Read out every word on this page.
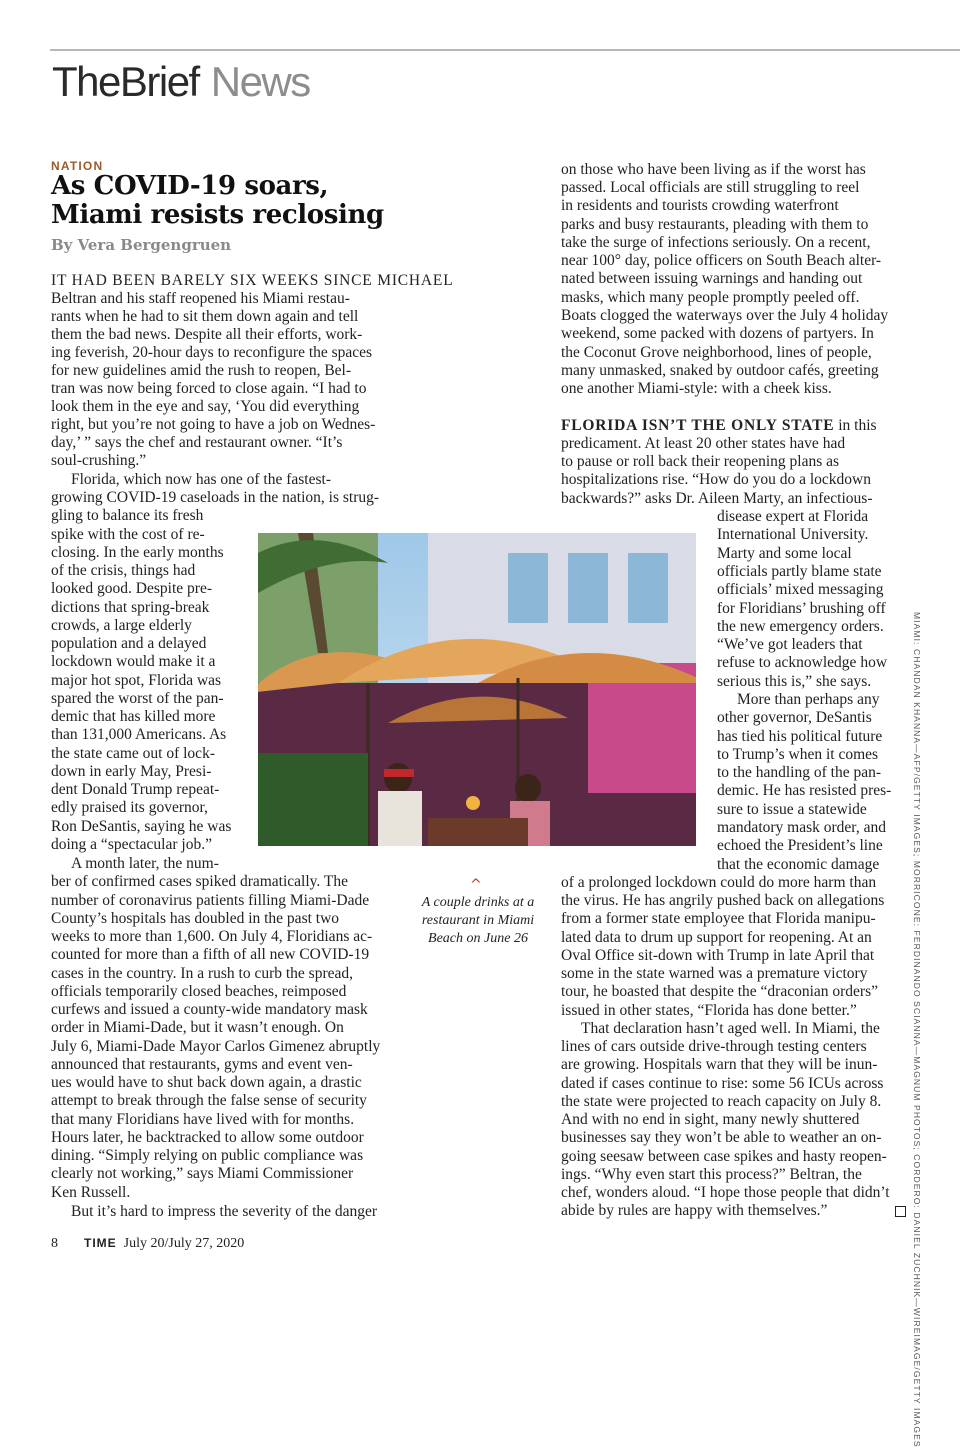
TheBrief News
NATION
As COVID-19 soars, Miami resists reclosing
By Vera Bergengruen
IT HAD BEEN BARELY SIX WEEKS SINCE MICHAEL
Beltran and his staff reopened his Miami restau-
rants when he had to sit them down again and tell
them the bad news. Despite all their efforts, work-
ing feverish, 20-hour days to reconfigure the spaces
for new guidelines amid the rush to reopen, Bel-
tran was now being forced to close again. “I had to
look them in the eye and say, ‘You did everything
right, but you’re not going to have a job on Wednes-
day,’ ” says the chef and restaurant owner. “It’s
soul-crushing.”
Florida, which now has one of the fastest-
growing COVID-19 caseloads in the nation, is strug-
gling to balance its fresh
spike with the cost of re-
closing. In the early months
of the crisis, things had
looked good. Despite pre-
dictions that spring-break
crowds, a large elderly
population and a delayed
lockdown would make it a
major hot spot, Florida was
spared the worst of the pan-
demic that has killed more
than 131,000 Americans. As
the state came out of lock-
down in early May, Presi-
dent Donald Trump repeat-
edly praised its governor,
Ron DeSantis, saying he was
doing a “spectacular job.”
A month later, the num-
ber of confirmed cases spiked dramatically. The
number of coronavirus patients filling Miami-Dade
County’s hospitals has doubled in the past two
weeks to more than 1,600. On July 4, Floridians ac-
counted for more than a fifth of all new COVID-19
cases in the country. In a rush to curb the spread,
officials temporarily closed beaches, reimposed
curfews and issued a county-wide mandatory mask
order in Miami-Dade, but it wasn’t enough. On
July 6, Miami-Dade Mayor Carlos Gimenez abruptly
announced that restaurants, gyms and event ven-
ues would have to shut back down again, a drastic
attempt to break through the false sense of security
that many Floridians have lived with for months.
Hours later, he backtracked to allow some outdoor
dining. “Simply relying on public compliance was
clearly not working,” says Miami Commissioner
Ken Russell.
But it’s hard to impress the severity of the danger
on those who have been living as if the worst has
passed. Local officials are still struggling to reel
in residents and tourists crowding waterfront
parks and busy restaurants, pleading with them to
take the surge of infections seriously. On a recent,
near 100° day, police officers on South Beach alter-
nated between issuing warnings and handing out
masks, which many people promptly peeled off.
Boats clogged the waterways over the July 4 holiday
weekend, some packed with dozens of partyers. In
the Coconut Grove neighborhood, lines of people,
many unmasked, snaked by outdoor cafés, greeting
one another Miami-style: with a cheek kiss.
FLORIDA ISN’T THE ONLY STATE in this
predicament. At least 20 other states have had
to pause or roll back their reopening plans as
hospitalizations rise. “How do you do a lockdown
backwards?” asks Dr. Aileen Marty, an infectious-
disease expert at Florida
International University.
Marty and some local
officials partly blame state
officials’ mixed messaging
for Floridians’ brushing off
the new emergency orders.
“We’ve got leaders that
refuse to acknowledge how
serious this is,” she says.
More than perhaps any
other governor, DeSantis
has tied his political future
to Trump’s when it comes
to the handling of the pan-
demic. He has resisted pres-
sure to issue a statewide
mandatory mask order, and
echoed the President’s line
that the economic damage
of a prolonged lockdown could do more harm than
the virus. He has angrily pushed back on allegations
from a former state employee that Florida manipu-
lated data to drum up support for reopening. At an
Oval Office sit-down with Trump in late April that
some in the state warned was a premature victory
tour, he boasted that despite the “draconian orders”
issued in other states, “Florida has done better.”
That declaration hasn’t aged well. In Miami, the
lines of cars outside drive-through testing centers
are growing. Hospitals warn that they will be inun-
dated if cases continue to rise: some 56 ICUs across
the state were projected to reach capacity on July 8.
And with no end in sight, many newly shuttered
businesses say they won’t be able to weather an on-
going seesaw between case spikes and hasty reopen-
ings. “Why even start this process?” Beltran, the
chef, wonders aloud. “I hope those people that didn’t
abide by rules are happy with themselves.”
^
A couple drinks at a restaurant in Miami Beach on June 26	MIAMI: CHANDAN KHANNA—AFP/GETTY IMAGES; MORRICONE: FERDINANDO SCIANNA—MAGNUM PHOTOS; CORDERO: DANIEL ZUCHNIK—WIREIMAGE/GETTY IMAGES
8 TIME July 20/July 27, 2020
